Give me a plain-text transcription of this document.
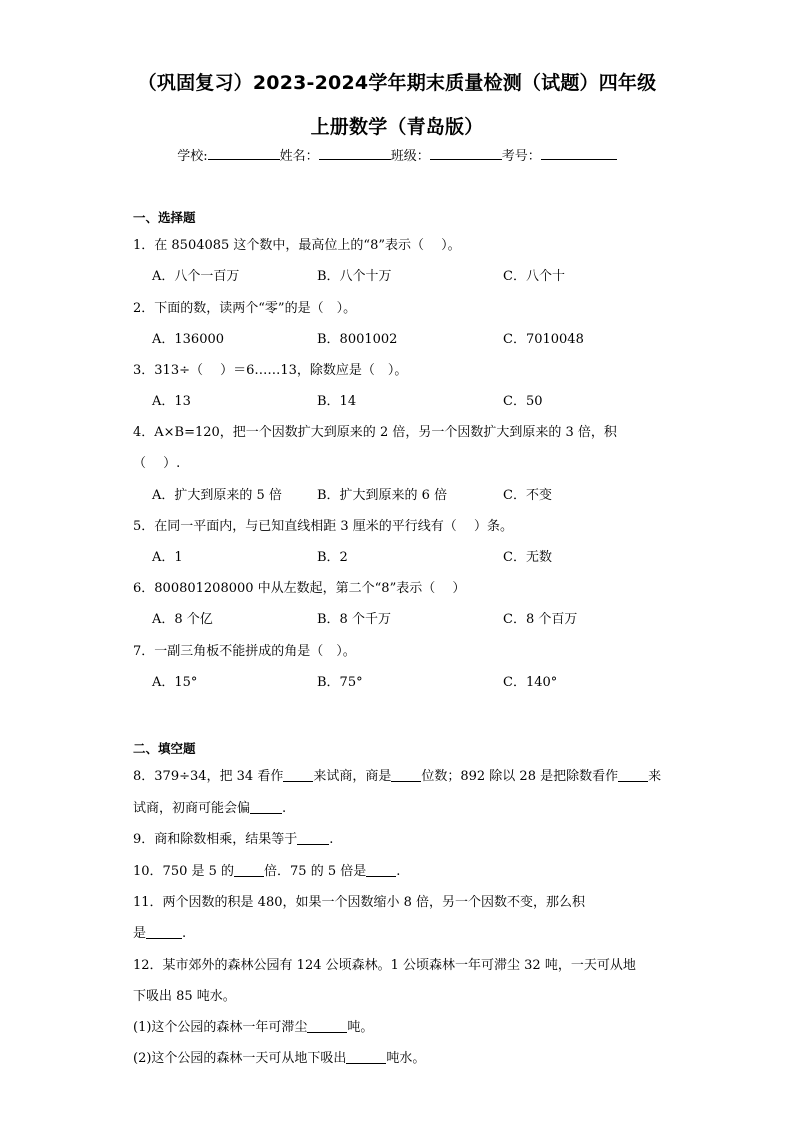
（巩固复习）2023-2024学年期末质量检测（试题）四年级
上册数学（青岛版）
学校:	姓名：	班级：	考号：
一、选择题
1．在 8504085 这个数中，最高位上的“8”表示（　 ）。
A．八个一百万	B．八个十万	C．八个十
2．下面的数，读两个“零”的是（　）。
A．136000	B．8001002	C．7010048
3．313÷（　 ）＝6……13，除数应是（　）。
A．13	B．14	C．50
4．A×B=120，把一个因数扩大到原来的 2 倍，另一个因数扩大到原来的 3 倍，积
（　 ）.
A．扩大到原来的 5 倍	B．扩大到原来的 6 倍	C．不变
5．在同一平面内，与已知直线相距 3 厘米的平行线有（　 ）条。
A．1	B．2	C．无数
6．800801208000 中从左数起，第二个“8”表示（　 ）
A．8 个亿	B．8 个千万	C．8 个百万
7．一副三角板不能拼成的角是（　）。
A．15°	B．75°	C．140°
二、填空题
8．379÷34，把 34 看作 来试商，商是 位数；892 除以 28 是把除数看作 来
试商，初商可能会偏 .
9．商和除数相乘，结果等于 .
10．750 是 5 的 倍．75 的 5 倍是 .
11．两个因数的积是 480，如果一个因数缩小 8 倍，另一个因数不变，那么积
是	.
12．某市郊外的森林公园有 124 公顷森林。1 公顷森林一年可滞尘 32 吨，一天可从地
下吸出 85 吨水。
(1)这个公园的森林一年可滞尘	吨。
(2)这个公园的森林一天可从地下吸出	吨水。
